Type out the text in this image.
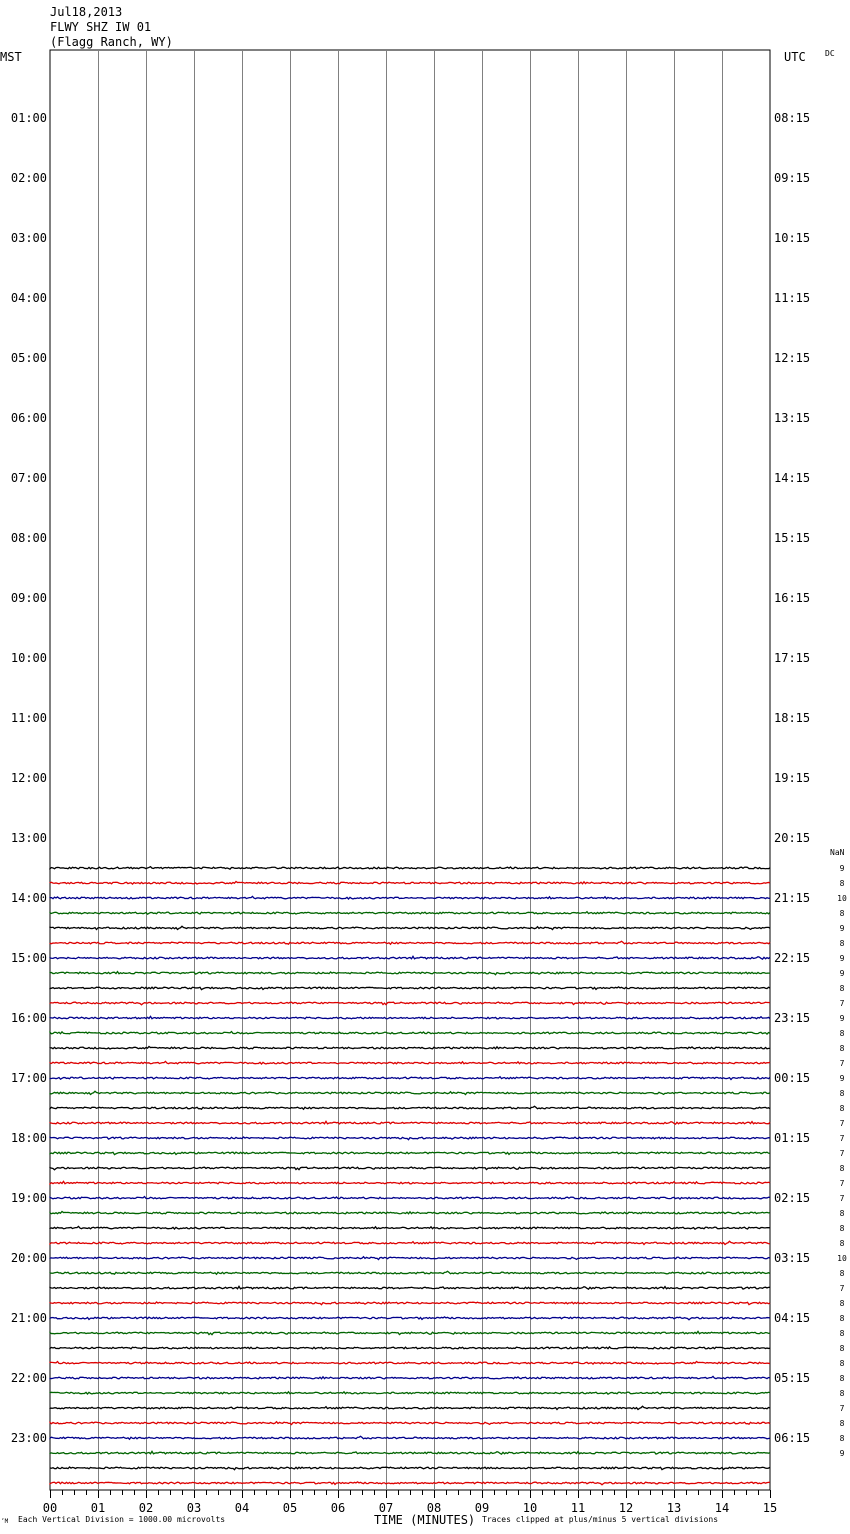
Jul18,2013
FLWY SHZ IW 01
(Flagg Ranch, WY)
MST	UTC DC
NaN
9
8
10
8
9
8
9
9
8
7
9
8
8
7
9
8
8
7
7
7
8
7
7
8
8
8
10
8
7
8
8
8
8
8
8
8
7
8
8
9
01:00
02:00
03:00
04:00
05:00
06:00
07:00
08:00
09:00
10:00
11:00
12:00
13:00
14:00
15:00
16:00
17:00
18:00
19:00
20:00
21:00
22:00
23:00
08:15
09:15
10:15
11:15
12:15
13:15
14:15
15:15
16:15
17:15
18:15
19:15
20:15
21:15
22:15
23:15
00:15
01:15
02:15
03:15
04:15
05:15
06:15
00	01	02	03	04	05	06	07	08	09	10	11	12	13	14	15
Each Vertical Division = 1000.00 microvolts	TIME (MINUTES) Traces clipped at plus/minus 5 vertical divisions
‘M
